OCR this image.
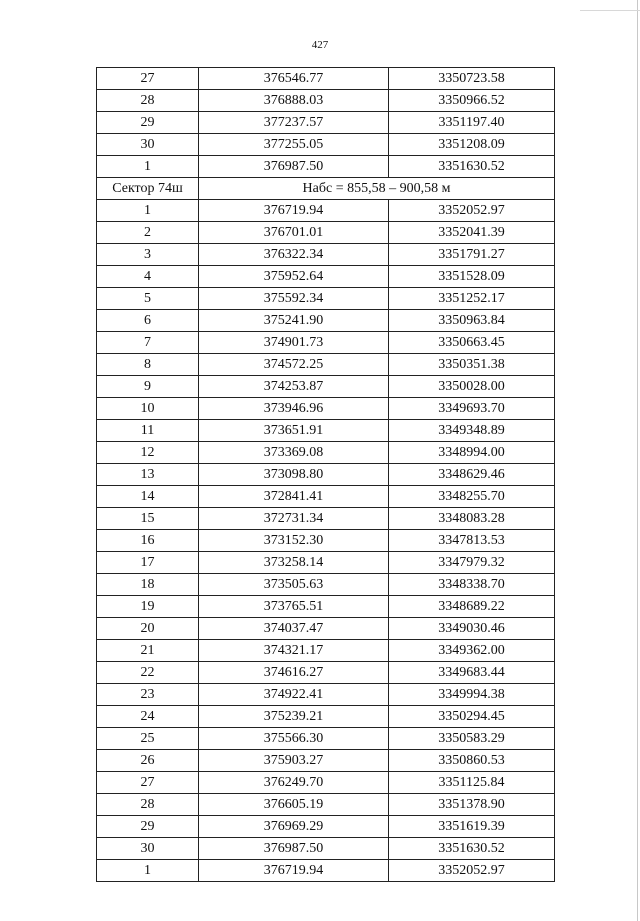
427
27	376546.77	3350723.58
28	376888.03	3350966.52
29	377237.57	3351197.40
30	377255.05	3351208.09
1	376987.50	3351630.52
Сектор 74ш	Набс = 855,58 – 900,58 м	
1	376719.94	3352052.97
2	376701.01	3352041.39
3	376322.34	3351791.27
4	375952.64	3351528.09
5	375592.34	3351252.17
6	375241.90	3350963.84
7	374901.73	3350663.45
8	374572.25	3350351.38
9	374253.87	3350028.00
10	373946.96	3349693.70
11	373651.91	3349348.89
12	373369.08	3348994.00
13	373098.80	3348629.46
14	372841.41	3348255.70
15	372731.34	3348083.28
16	373152.30	3347813.53
17	373258.14	3347979.32
18	373505.63	3348338.70
19	373765.51	3348689.22
20	374037.47	3349030.46
21	374321.17	3349362.00
22	374616.27	3349683.44
23	374922.41	3349994.38
24	375239.21	3350294.45
25	375566.30	3350583.29
26	375903.27	3350860.53
27	376249.70	3351125.84
28	376605.19	3351378.90
29	376969.29	3351619.39
30	376987.50	3351630.52
1	376719.94	3352052.97
